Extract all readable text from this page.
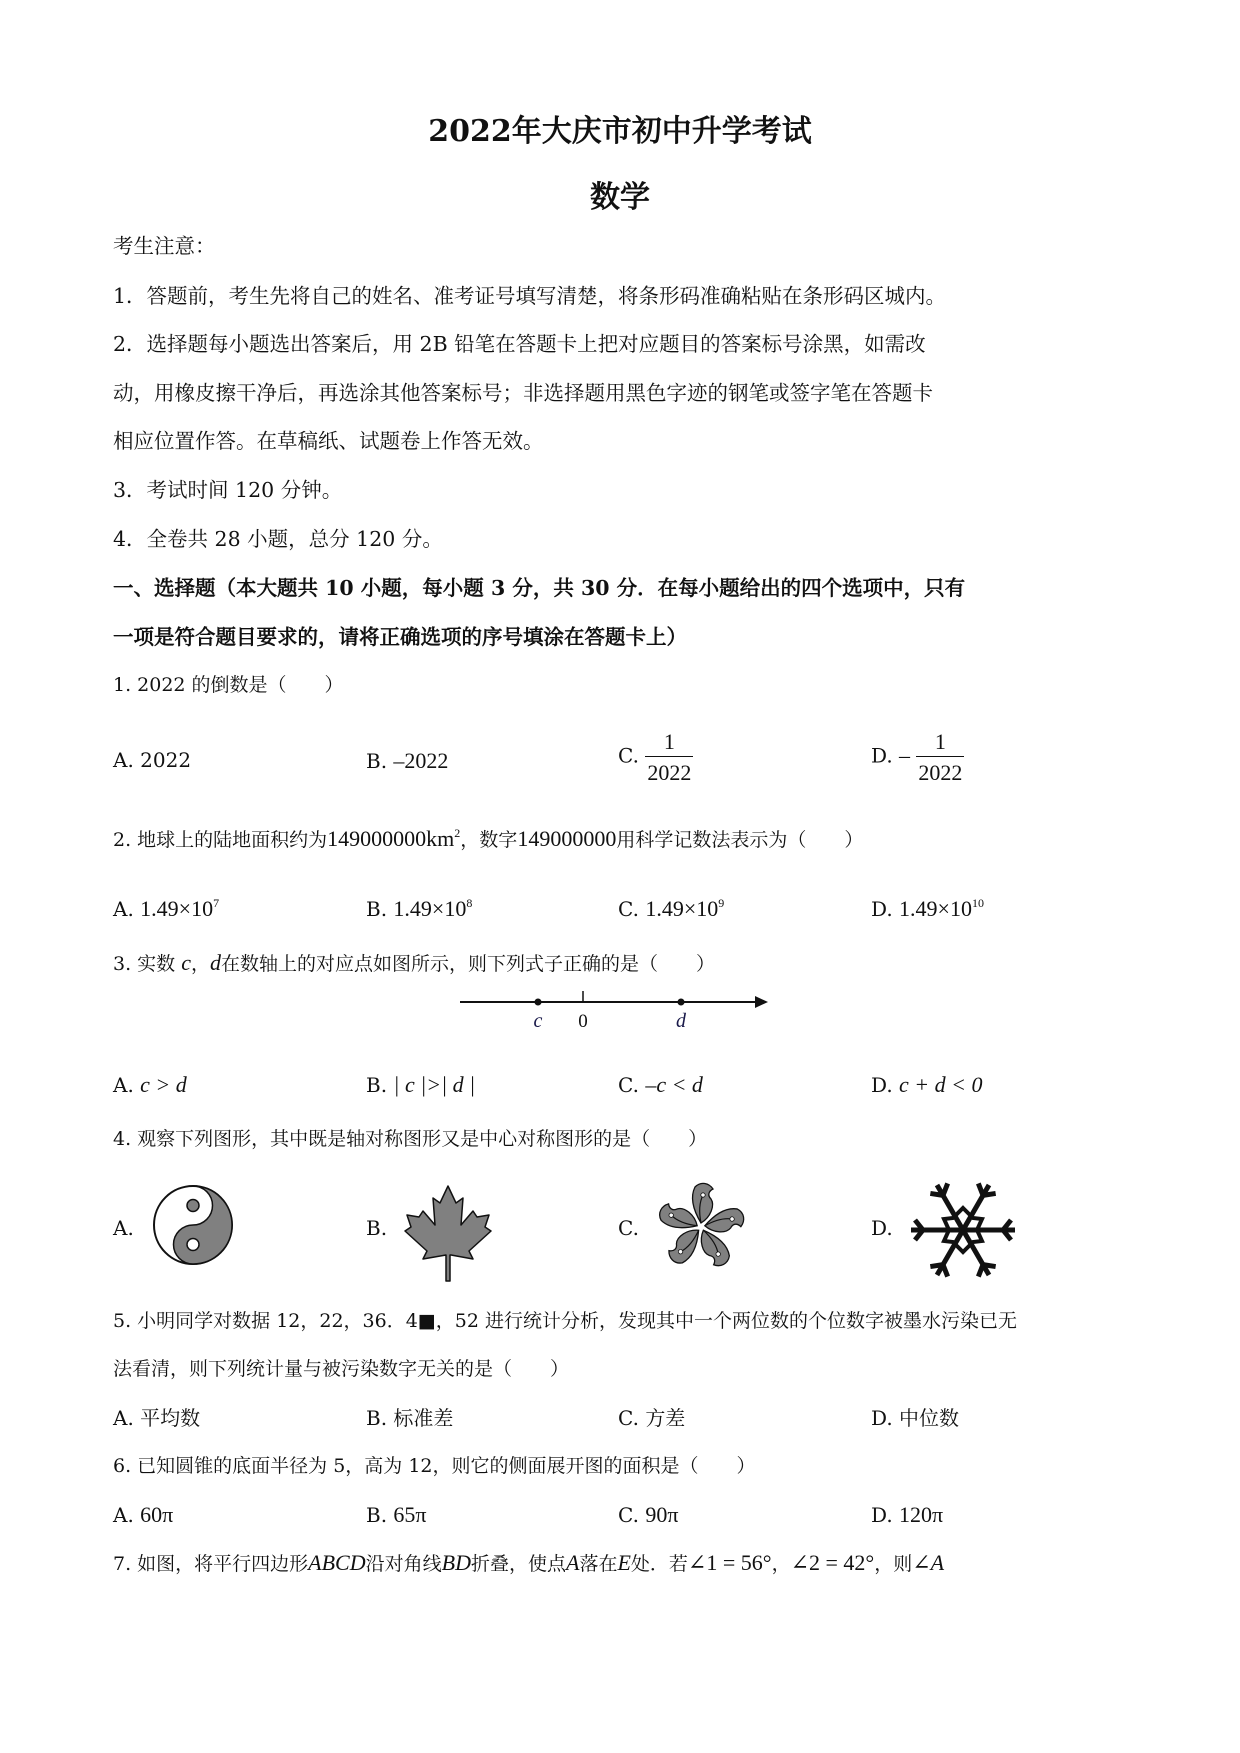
2022年大庆市初中升学考试
数学
考生注意：
1．答题前，考生先将自己的姓名、准考证号填写清楚，将条形码准确粘贴在条形码区城内。
2．选择题每小题选出答案后，用 2B 铅笔在答题卡上把对应题目的答案标号涂黑，如需改
动，用橡皮擦干净后，再选涂其他答案标号；非选择题用黑色字迹的钢笔或签字笔在答题卡
相应位置作答。在草稿纸、试题卷上作答无效。
3．考试时间 120 分钟。
4．全卷共 28 小题，总分 120 分。
一、选择题（本大题共 10 小题，每小题 3 分，共 30 分．在每小题给出的四个选项中，只有
一项是符合题目要求的，请将正确选项的序号填涂在答题卡上）
1. 2022 的倒数是（　　）
A. 2022	B. –2022	C. $\frac{1}{2022}$	D. – $\frac{1}{2022}$
2. 地球上的陆地面积约为$149000000km^2$，数字149000000用科学记数法表示为（　　）
A. $1.49\times 10^7$	B. $1.49\times 10^8$	C. $1.49\times 10^9$	D. $1.49\times 10^{10}$
3. 实数 c，d在数轴上的对应点如图所示，则下列式子正确的是（　　）
c 0	d
A. c > d	B. | c |>| d |	C. –c < d	D. c + d < 0
4. 观察下列图形，其中既是轴对称图形又是中心对称图形的是（　　）
A.	B.	C.	D.
5. 小明同学对数据 12，22，36．4■，52 进行统计分析，发现其中一个两位数的个位数字被墨水污染已无
法看清，则下列统计量与被污染数字无关的是（　　）
A. 平均数	B. 标准差	C. 方差	D. 中位数
6. 已知圆锥的底面半径为 5，高为 12，则它的侧面展开图的面积是（　　）
A. 60π	B. 65π	C. 90π	D. 120π
7. 如图，将平行四边形ABCD沿对角线BD折叠，使点A落在E处．若∠1 = 56°，∠2 = 42°，则∠A
